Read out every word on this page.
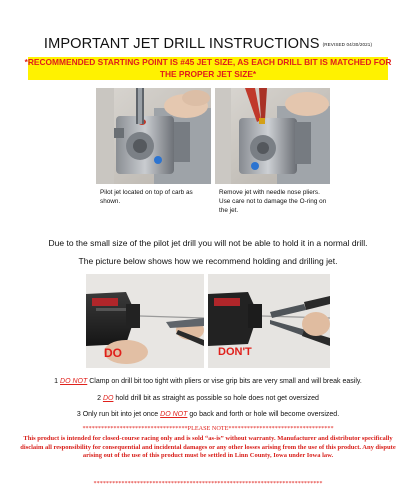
IMPORTANT JET DRILL INSTRUCTIONS (REVISED 04/30/2021)
*RECOMMENDED STARTING POINT IS #45 JET SIZE, AS EACH DRILL BIT IS MATCHED FOR THE PROPER JET SIZE*
Pilot jet located on top of carb as shown.
Remove jet with needle nose pliers. Use care not to damage the O-ring on the jet.
Due to the small size of the pilot jet drill you will not be able to hold it in a normal drill.
The picture below shows how we recommend holding and drilling jet.
DO	DON'T
1 DO NOT Clamp on drill bit too tight with pliers or vise grip bits are very small and will break easily.
2 DO hold drill bit as straight as possible so hole does not get oversized
3 Only run bit into jet once DO NOT go back and forth or hole will become oversized.
**********************************PLEASE NOTE**********************************
This product is intended for closed-course racing only and is sold “as-is” without warranty. Manufacturer and distributor specifically disclaim all responsibility for consequential and incidental damages or any other losses arising from the use of this product. Any dispute arising out of the use of this product must be settled in Linn County, Iowa under Iowa law.
**************************************************************************
